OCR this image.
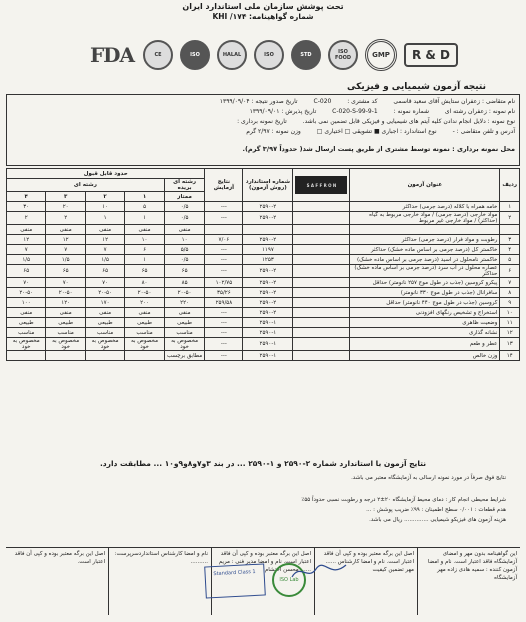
تحت پوشش سازمان ملی استاندارد ایران
شماره گواهینامه: KHI /۱۷۴
FDA	CE	ISO	HALAL	ISO	STD	ISO FOOD	GMP	R & D
نتیجه آزمون شیمیایی و فیزیکی
نام متقاضی : زعفران ستایش آقای سعید قاسمی کد مشتری : C-020 تاریخ صدور نتیجه : ۱۳۹۹/۰۹/۰۴
نام نمونه : زعفران رشته ای شماره نمونه : C-020-S-99-9-1 تاریخ پذیرش : ۱۳۹۹/۰۹/۰۱
نوع نمونه : دلایل انجام ندادن کلیه آیتم های شیمیایی و فیزیکی قابل تضمین نمی باشد. تاریخ نمونه برداری :
آدرس و تلفن متقاضی : - نوع استاندارد : اجباری ■ تشویقی □ اختیاری □ وزن نمونه : ۲/۹۷ گرم
محل نمونه برداری : نمونه توسط مشتری از طریق پست ارسال شد( حدوداً ۳/۹۷ گرم).
ردیف	عنوان آزمون	S A F F R O N	شماره استاندارد (روش آزمون)	نتایج آزمایش	حدود قابل قبول				
					رشته ای بریده	رشته ای			
					ممتاز	۱	۲	۳	۴
۱	خامه همراه با کلاله (درصد جرمی) حداکثر		۲۵۹۰-۲	---	۰/۵	۵	۱۰	۲۰	۳۰
۲	مواد خارجی (درصد جرمی) / مواد خارجی مربوط به گیاه (حداکثر) / مواد خارجی غیر مربوط		۲۵۹۰-۲	---	۰/۵	۱	۱	۲	۲
					منفی	منفی	منفی	منفی	منفی
۳	رطوبت و مواد فرار (درصد جرمی) حداکثر		۲۵۹۰-۲	۷/۰۶	۱۰	۱۰	۱۲	۱۲	۱۲
۴	خاکستر کل (درصد جرمی بر اساس ماده خشک) حداکثر		۱۱۹۷	---	۵/۵	۶	۷	۷	۷
۵	خاکستر نامحلول در اسید (درصد جرمی بر اساس ماده خشک)		۱۲۵۳	---	۰/۵	۱	۱/۵	۱/۵	۱/۵
۶	عصاره محلول در آب سرد (درصد جرمی بر اساس ماده خشک) حداکثر		۲۵۹۰-۲	---	۶۵	۶۵	۶۵	۶۵	۶۵
۷	پیکرو کروسین (جذب در طول موج ۲۵۷ نانومتر) حداقل		۲۵۹۰-۲	۱۰۲/۷۵	۸۵	۸۰	۷۰	۷۰	۷۰
۸	سافرانال (جذب در طول موج ۳۳۰ نانومتر)		۲۵۹۰-۲	۳۵/۲۶	۲۰-۵۰	۲۰-۵۰	۲۰-۵۰	۲۰-۵۰	۲۰-۵۰
۹	کروسین (جذب در طول موج ۴۴۰ نانومتر) حداقل		۲۵۹۰-۲	۲۵۹/۵۸	۲۲۰	۲۰۰	۱۷۰	۱۲۰	۱۰۰
۱۰	استخراج و تشخیص رنگهای افزودنی		۲۵۹۰-۲	---	منفی	منفی	منفی	منفی	منفی
۱۱	وضعیت ظاهری		۲۵۹۰-۱	---	طبیعی	طبیعی	طبیعی	طبیعی	طبیعی
۱۲	نشانه گذاری		۲۵۹۰-۱	---	مناسب	مناسب	مناسب	مناسب	مناسب
۱۳	عطر و طعم		۲۵۹۰-۱	---	مخصوص به خود	مخصوص به خود	مخصوص به خود	مخصوص به خود	مخصوص به خود
۱۴	وزن خالص		۲۵۹۰-۱	---	مطابق برچسب				
نتایج آزمون با استاندارد شماره ۲-۲۵۹۰ و ۱-۲۵۹۰ ... در بند ۳و۷و۸و۹و۱۰ ... مطابقت دارد.
نتایج فوق صرفاً در مورد نمونه ارسالی به آزمایشگاه معتبر می باشد.
شرایط محیطی انجام کار : دمای محیط آزمایشگاه ۲۰±۲ درجه و رطوبت نسبی حدوداً ۵۵٪
هدم قطعات : ۰/۰۰۱ سطح اطمینان : ۹۹٪ ضریب پوشش : ...
هزینه آزمون های فیزیکو شیمیایی .............. ریال می باشد.
این گواهینامه بدون مهر و امضای آزمایشگاه فاقد اعتبار است. نام و امضا آزمون کننده : سمیه هادی زاده مهر آزمایشگاه
اصل این برگه معتبر بوده و کپی آن فاقد اعتبار است. نام و امضا کارشناس ...... مهر تضمین کیفیت
اصل این برگه معتبر بوده و کپی آن فاقد اعتبار است. نام و امضا مدیر فنی : مریم ...... محسن احتشام
نام و امضا کارشناس استانداردسرپرست: ..........
اصل این برگه معتبر بوده و کپی آن فاقد اعتبار است.
Standard Class 1
ISO Lab
